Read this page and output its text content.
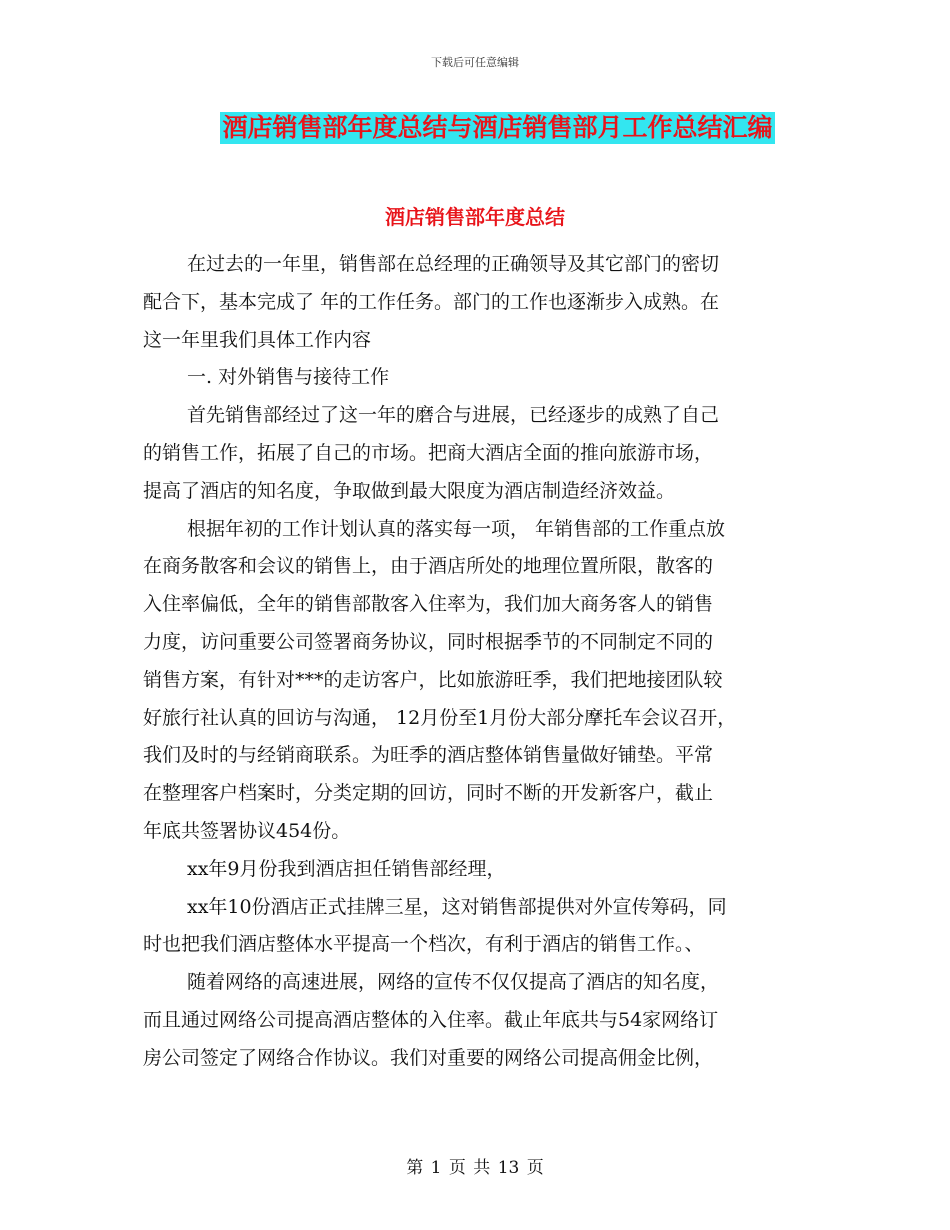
下载后可任意编辑
酒店销售部年度总结与酒店销售部月工作总结汇编
酒店销售部年度总结
在过去的一年里，销售部在总经理的正确领导及其它部门的密切
配合下，基本完成了 年的工作任务。部门的工作也逐渐步入成熟。在
这一年里我们具体工作内容
一. 对外销售与接待工作
首先销售部经过了这一年的磨合与进展，已经逐步的成熟了自己
的销售工作，拓展了自己的市场。把商大酒店全面的推向旅游市场，
提高了酒店的知名度，争取做到最大限度为酒店制造经济效益。
根据年初的工作计划认真的落实每一项， 年销售部的工作重点放
在商务散客和会议的销售上，由于酒店所处的地理位置所限，散客的
入住率偏低，全年的销售部散客入住率为，我们加大商务客人的销售
力度，访问重要公司签署商务协议，同时根据季节的不同制定不同的
销售方案，有针对***的走访客户，比如旅游旺季，我们把地接团队较
好旅行社认真的回访与沟通， 12月份至1月份大部分摩托车会议召开，
我们及时的与经销商联系。为旺季的酒店整体销售量做好铺垫。平常
在整理客户档案时，分类定期的回访，同时不断的开发新客户，截止
年底共签署协议454份。
xx年9月份我到酒店担任销售部经理，
xx年10份酒店正式挂牌三星，这对销售部提供对外宣传筹码，同
时也把我们酒店整体水平提高一个档次，有利于酒店的销售工作。、
随着网络的高速进展，网络的宣传不仅仅提高了酒店的知名度，
而且通过网络公司提高酒店整体的入住率。截止年底共与54家网络订
房公司签定了网络合作协议。我们对重要的网络公司提高佣金比例，
第 1 页 共 13 页
